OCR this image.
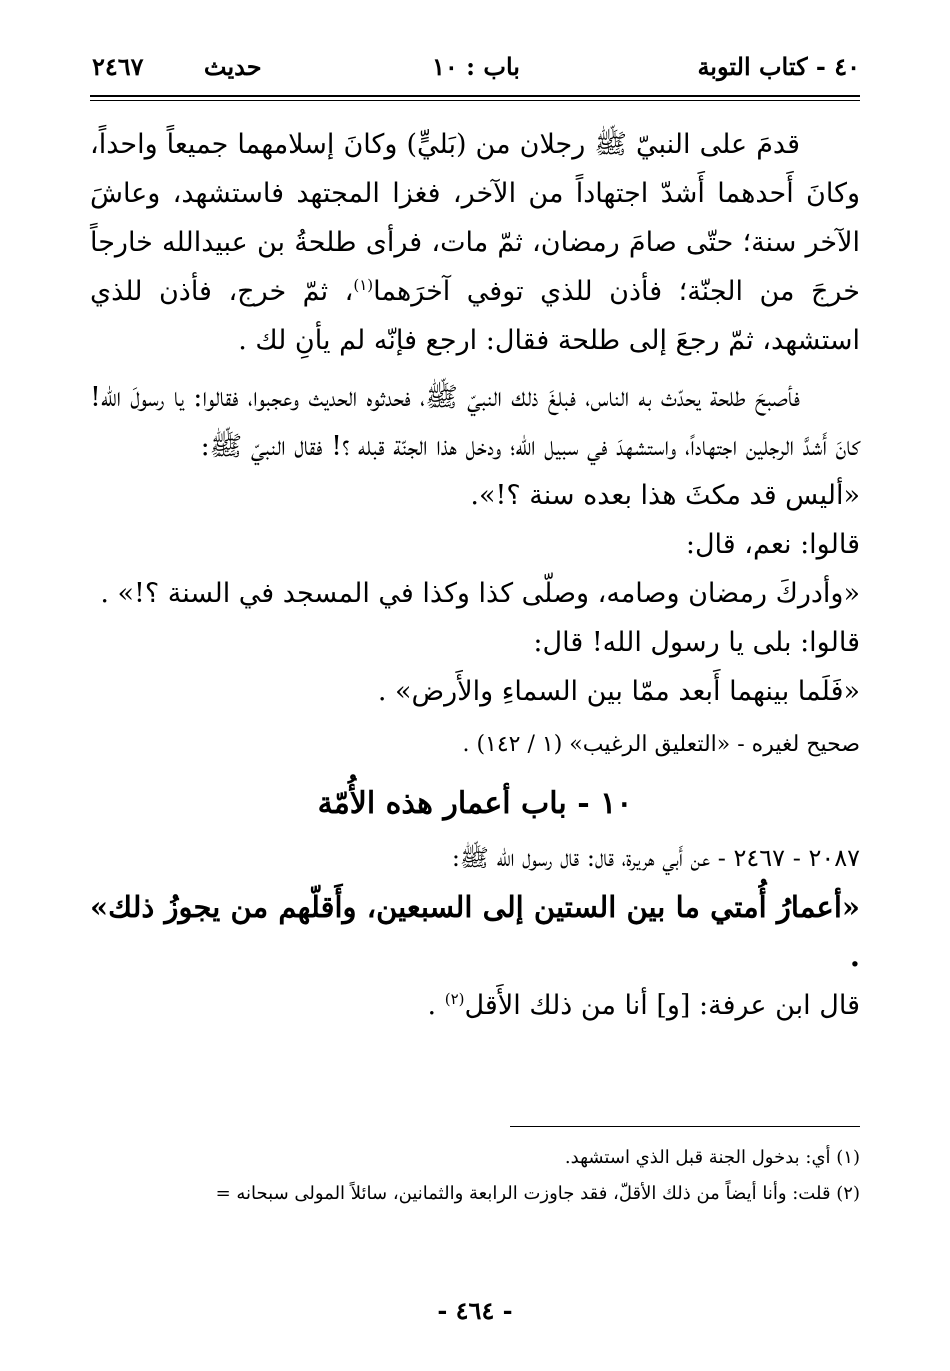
٤٠ - كتاب التوبة
باب : ١٠
حديث ٢٤٦٧

قدمَ على النبيّ ﷺ رجلان من (بَليٍّ) وكانَ إسلامهما جميعاً واحداً، وكانَ أَحدهما أَشدّ اجتهاداً من الآخر، فغزا المجتهد فاستشهد، وعاشَ الآخر سنة؛ حتّى صامَ رمضان، ثمّ مات، فرأى طلحةُ بن عبيدالله خارجاً خرجَ من الجنّة؛ فأذن للذي توفي آخرَهما$^{(١)}$، ثمّ خرج، فأذن للذي استشهد، ثمّ رجعَ إلى طلحة فقال: ارجع فإنّه لم يأنِ لك .

فأصبحَ طلحة يحدّث به الناس، فبلغَ ذلك النبيّ ﷺ، فحدثوه الحديث وعجبوا، فقالوا: يا رسولَ الله! كانَ أَشدَّ الرجلين اجتهاداً، واستشهدَ في سبيل الله؛ ودخل هذا الجنّة قبله ؟! فقال النبيّ ﷺ:

«أليس قد مكثَ هذا بعده سنة ؟!».

قالوا: نعم، قال:

«وأدركَ رمضان وصامه، وصلّى كذا وكذا في المسجد في السنة ؟!» .

قالوا: بلى يا رسول الله! قال:

«فَلَما بينهما أَبعد ممّا بين السماءِ والأَرض» .

صحيح لغيره - «التعليق الرغيب» (١ / ١٤٢) .

١٠ - باب أعمار هذه الأُمّة

٢٠٨٧ - ٢٤٦٧ - عن أَبي هريرة، قال: قال رسول الله ﷺ:

«أعمارُ أُمتي ما بين الستين إلى السبعين، وأَقلّهم من يجوزُ ذلك» .

قال ابن عرفة: [و] أنا من ذلك الأَقل$^{(٢)}$ .

(١) أي: بدخول الجنة قبل الذي استشهد.

(٢) قلت: وأنا أيضاً من ذلك الأقلّ، فقد جاوزت الرابعة والثمانين، سائلاً المولى سبحانه =

- ٤٦٤ -
